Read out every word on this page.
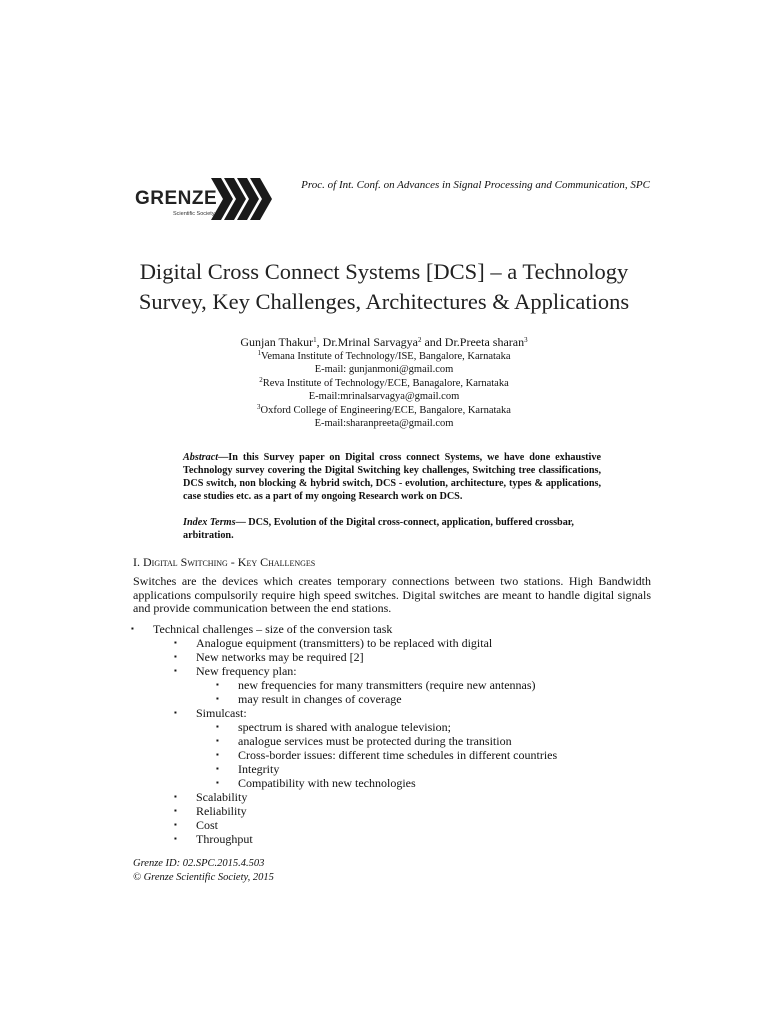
GRENZE
Scientific Society
Proc. of Int. Conf. on Advances in Signal Processing and Communication, SPC
Digital Cross Connect Systems [DCS] – a Technology
Survey, Key Challenges, Architectures & Applications
Gunjan Thakur$^1$, Dr.Mrinal Sarvagya$^2$ and Dr.Preeta sharan$^3$
$^1$Vemana Institute of Technology/ISE, Bangalore, Karnataka
E-mail: gunjanmoni@gmail.com
$^2$Reva Institute of Technology/ECE, Banagalore, Karnataka
E-mail:mrinalsarvagya@gmail.com
$^3$Oxford College of Engineering/ECE, Bangalore, Karnataka
E-mail:sharanpreeta@gmail.com
Abstract—In this Survey paper on Digital cross connect Systems, we have done exhaustive Technology survey covering the Digital Switching key challenges, Switching tree classifications, DCS switch, non blocking & hybrid switch, DCS - evolution, architecture, types & applications, case studies etc. as a part of my ongoing Research work on DCS.
Index Terms— DCS, Evolution of the Digital cross-connect, application, buffered crossbar, arbitration.
I. Digital Switching - Key Challenges
Switches are the devices which creates temporary connections between two stations. High Bandwidth applications compulsorily require high speed switches. Digital switches are meant to handle digital signals and provide communication between the end stations.
▪ Technical challenges – size of the conversion task
▪ Analogue equipment (transmitters) to be replaced with digital
▪ New networks may be required [2]
▪ New frequency plan:
▪ new frequencies for many transmitters (require new antennas)
▪ may result in changes of coverage
▪ Simulcast:
▪ spectrum is shared with analogue television;
▪ analogue services must be protected during the transition
▪ Cross-border issues: different time schedules in different countries
▪ Integrity
▪ Compatibility with new technologies
▪ Scalability
▪ Reliability
▪ Cost
▪ Throughput
Grenze ID: 02.SPC.2015.4.503
© Grenze Scientific Society, 2015
